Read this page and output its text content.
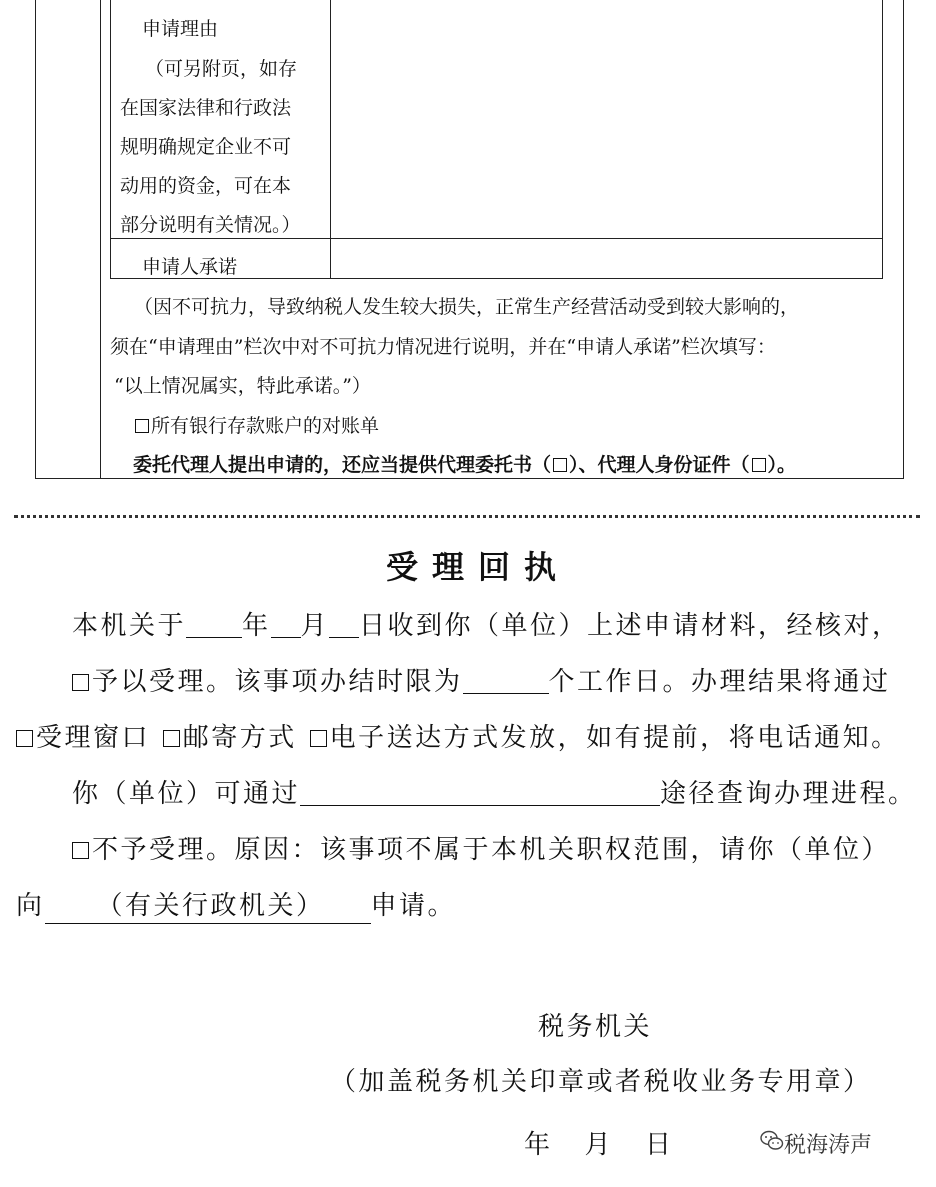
申请理由
（可另附页，如存
在国家法律和行政法
规明确规定企业不可
动用的资金，可在本
部分说明有关情况。）
申请人承诺
（因不可抗力，导致纳税人发生较大损失，正常生产经营活动受到较大影响的，
须在“申请理由”栏次中对不可抗力情况进行说明，并在“申请人承诺”栏次填写：
“以上情况属实，特此承诺。”）
所有银行存款账户的对账单
委托代理人提出申请的，还应当提供代理委托书（ ）、代理人身份证件（ ）。
受理回执
本机关于 年 月 日收到你（单位）上述申请材料，经核对，
予以受理。该事项办结时限为	个工作日。办理结果将通过
受理窗口 邮寄方式 电子送达方式发放，如有提前，将电话通知。
你（单位）可通过	途径查询办理进程。
不予受理。原因：该事项不属于本机关职权范围，请你（单位）
向 （有关行政机关） 申请。
税务机关
（加盖税务机关印章或者税收业务专用章）
年 月 日	税海涛声
